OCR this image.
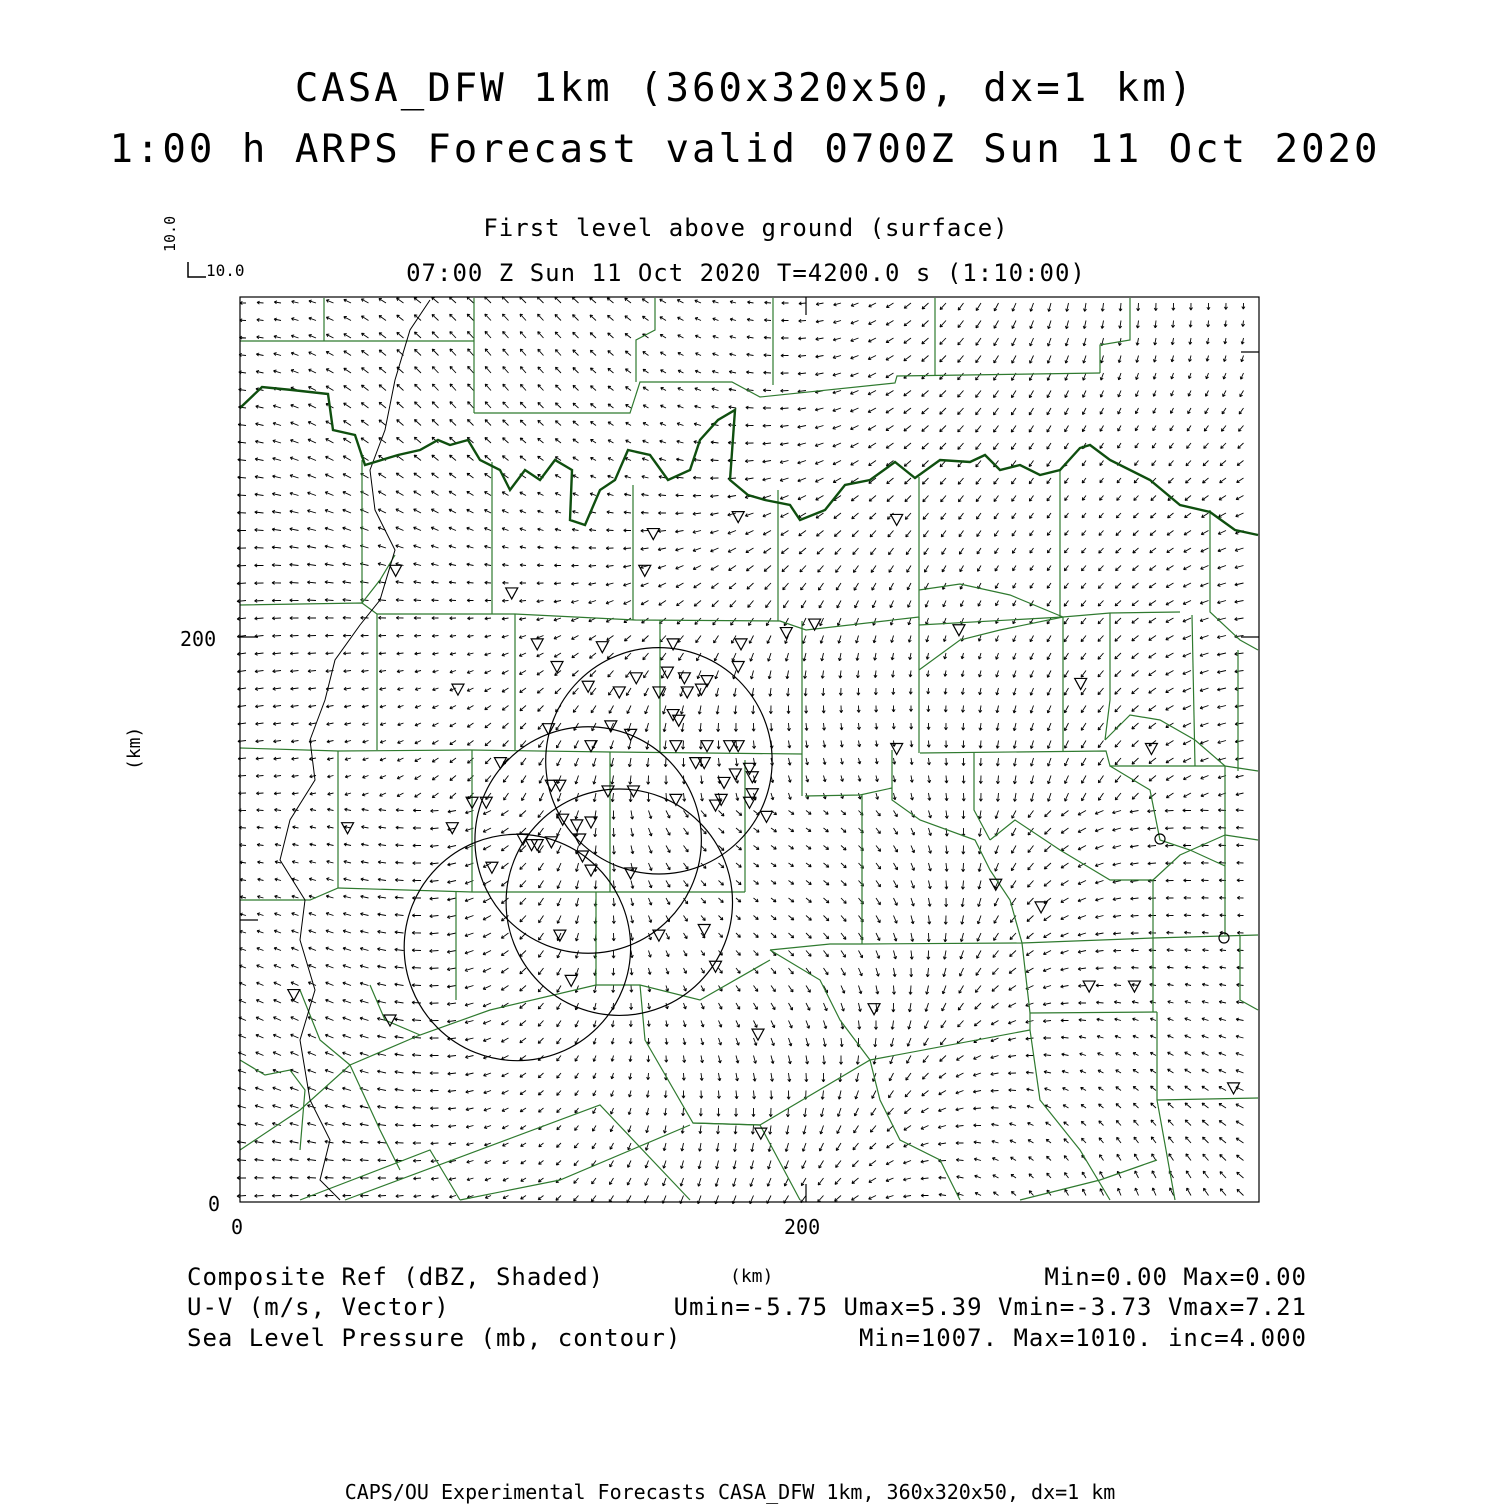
CASA_DFW 1km (360x320x50, dx=1 km)
1:00 h ARPS Forecast valid 0700Z Sun 11 Oct 2020
First level above ground (surface)
07:00 Z Sun 11 Oct 2020 T=4200.0 s (1:10:00)
10.0
10.0
200
0
0	200
(km)
(km)
Composite Ref (dBZ, Shaded)	Min=0.00 Max=0.00
U-V (m/s, Vector)	Umin=-5.75 Umax=5.39 Vmin=-3.73 Vmax=7.21
Sea Level Pressure (mb, contour)	Min=1007. Max=1010. inc=4.000
CAPS/OU Experimental Forecasts CASA_DFW 1km, 360x320x50, dx=1 km
